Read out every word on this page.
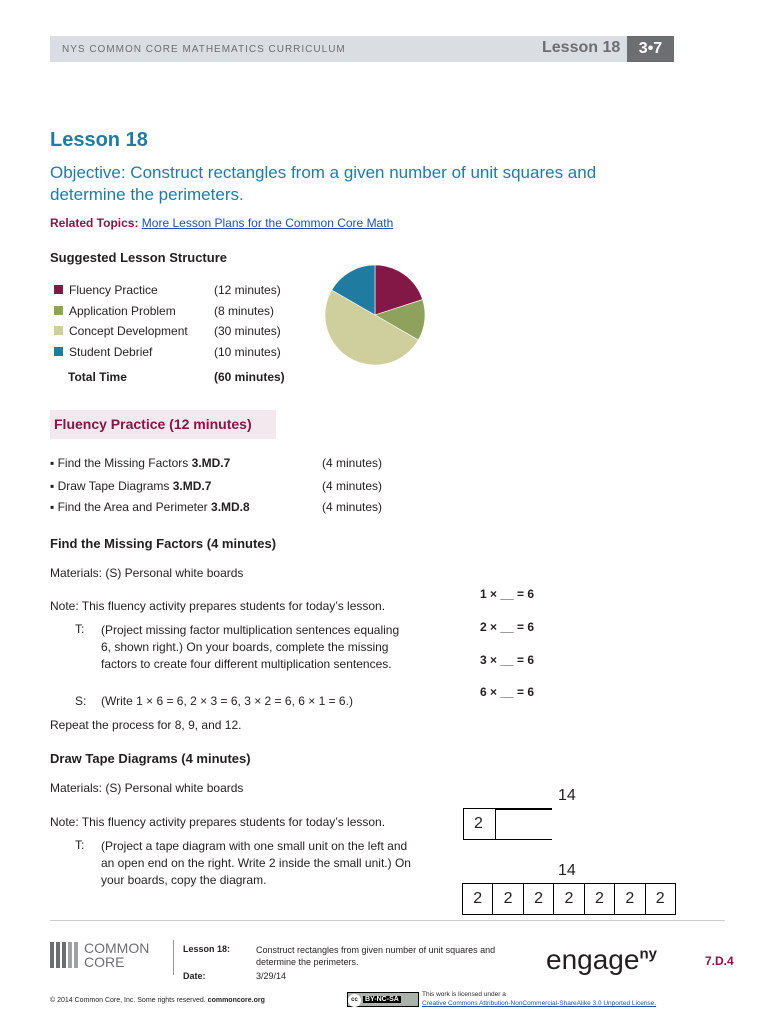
NYS COMMON CORE MATHEMATICS CURRICULUM	Lesson 18	3•7
Lesson 18
Objective: Construct rectangles from a given number of unit squares and determine the perimeters.
Related Topics: More Lesson Plans for the Common Core Math
Suggested Lesson Structure
Fluency Practice	(12 minutes)
Application Problem	(8 minutes)
Concept Development (30 minutes)
Student Debrief	(10 minutes)
Total Time	(60 minutes)
Fluency Practice (12 minutes)
▪ Find the Missing Factors 3.MD.7	(4 minutes)
▪ Draw Tape Diagrams 3.MD.7	(4 minutes)
▪ Find the Area and Perimeter 3.MD.8	(4 minutes)
Find the Missing Factors (4 minutes)
Materials: (S) Personal white boards
Note: This fluency activity prepares students for today’s lesson.
T: (Project missing factor multiplication sentences equaling 6, shown right.) On your boards, complete the missing factors to create four different multiplication sentences.
S: (Write 1 × 6 = 6, 2 × 3 = 6, 3 × 2 = 6, 6 × 1 = 6.)
Repeat the process for 8, 9, and 12.
1 × __ = 6
2 × __ = 6
3 × __ = 6
6 × __ = 6
Draw Tape Diagrams (4 minutes)
Materials: (S) Personal white boards
Note: This fluency activity prepares students for today’s lesson.
T: (Project a tape diagram with one small unit on the left and an open end on the right. Write 2 inside the small unit.) On your boards, copy the diagram.
14
2
14
2	2	2	2	2	2	2
COMMON
CORE
Lesson 18:	Construct rectangles from given number of unit squares and determine the perimeters.
Date:	3/29/14
engage$^{ny}$	7.D.4
© 2014 Common Core, Inc. Some rights reserved. commoncore.org	cc BY-NC-SA
This work is licensed under a
Creative Commons Attribution-NonCommercial-ShareAlike 3.0 Unported License.
